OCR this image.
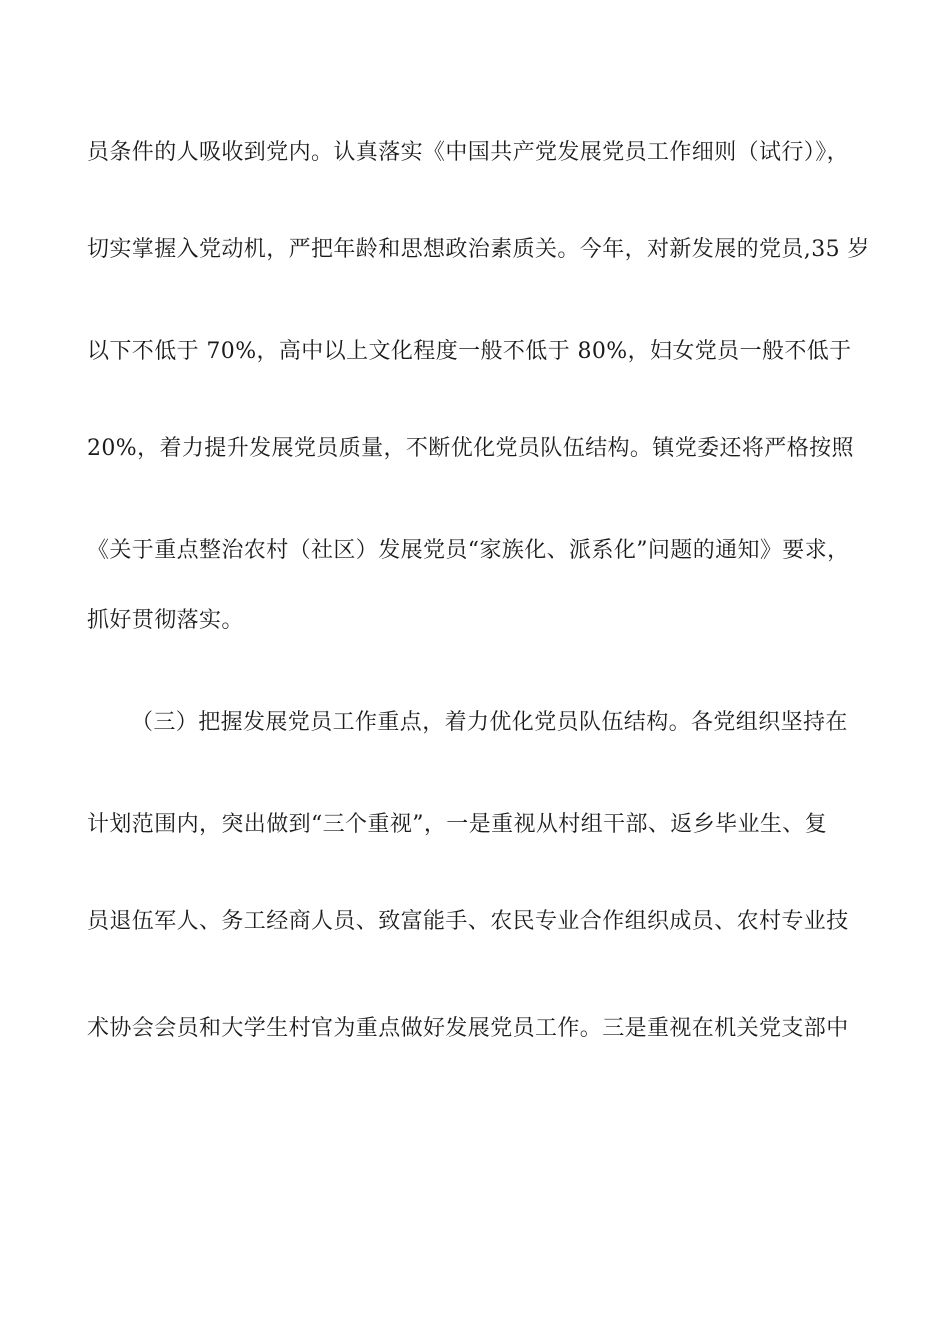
员条件的人吸收到党内。认真落实《中国共产党发展党员工作细则（试行）》，
切实掌握入党动机，严把年龄和思想政治素质关。今年，对新发展的党员,35 岁
以下不低于 70%，高中以上文化程度一般不低于 80%，妇女党员一般不低于
20%，着力提升发展党员质量，不断优化党员队伍结构。镇党委还将严格按照
《关于重点整治农村（社区）发展党员“家族化、派系化”问题的通知》要求，
抓好贯彻落实。
（三）把握发展党员工作重点，着力优化党员队伍结构。各党组织坚持在
计划范围内，突出做到“三个重视”，一是重视从村组干部、返乡毕业生、复
员退伍军人、务工经商人员、致富能手、农民专业合作组织成员、农村专业技
术协会会员和大学生村官为重点做好发展党员工作。三是重视在机关党支部中
